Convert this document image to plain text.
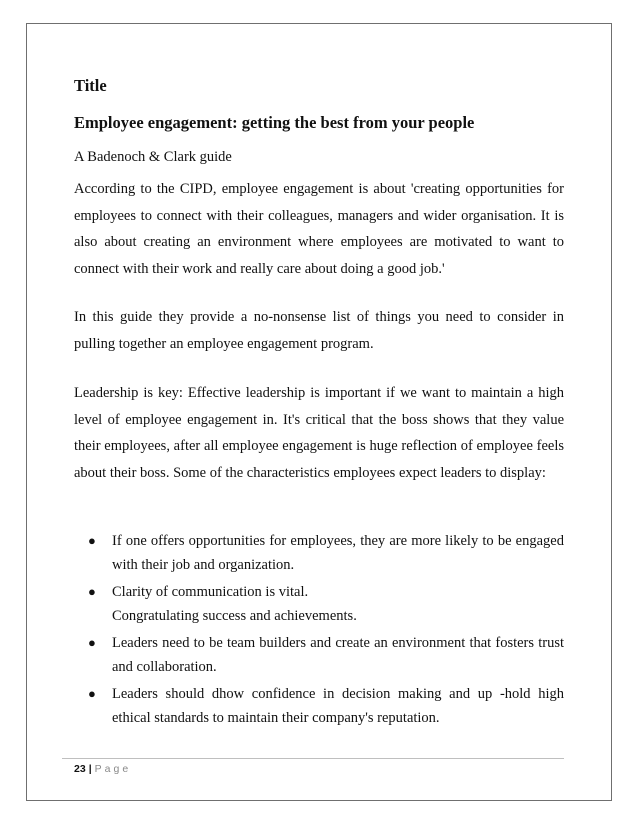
Title

Employee engagement: getting the best from your people

A Badenoch & Clark guide

According to the CIPD, employee engagement is about 'creating opportunities for employees to connect with their colleagues, managers and wider organisation. It is also about creating an environment where employees are motivated to want to connect with their work and really care about doing a good job.'

In this guide they provide a no-nonsense list of things you need to consider in pulling together an employee engagement program.

Leadership is key: Effective leadership is important if we want to maintain a high level of employee engagement in. It's critical that the boss shows that they value their employees, after all employee engagement is huge reflection of employee feels about their boss. Some of the characteristics employees expect leaders to display:

● If one offers opportunities for employees, they are more likely to be engaged with their job and organization.
● Clarity of communication is vital.
Congratulating success and achievements.
● Leaders need to be team builders and create an environment that fosters trust and collaboration.
● Leaders should dhow confidence in decision making and up -hold high ethical standards to maintain their company's reputation.
23 | Page
